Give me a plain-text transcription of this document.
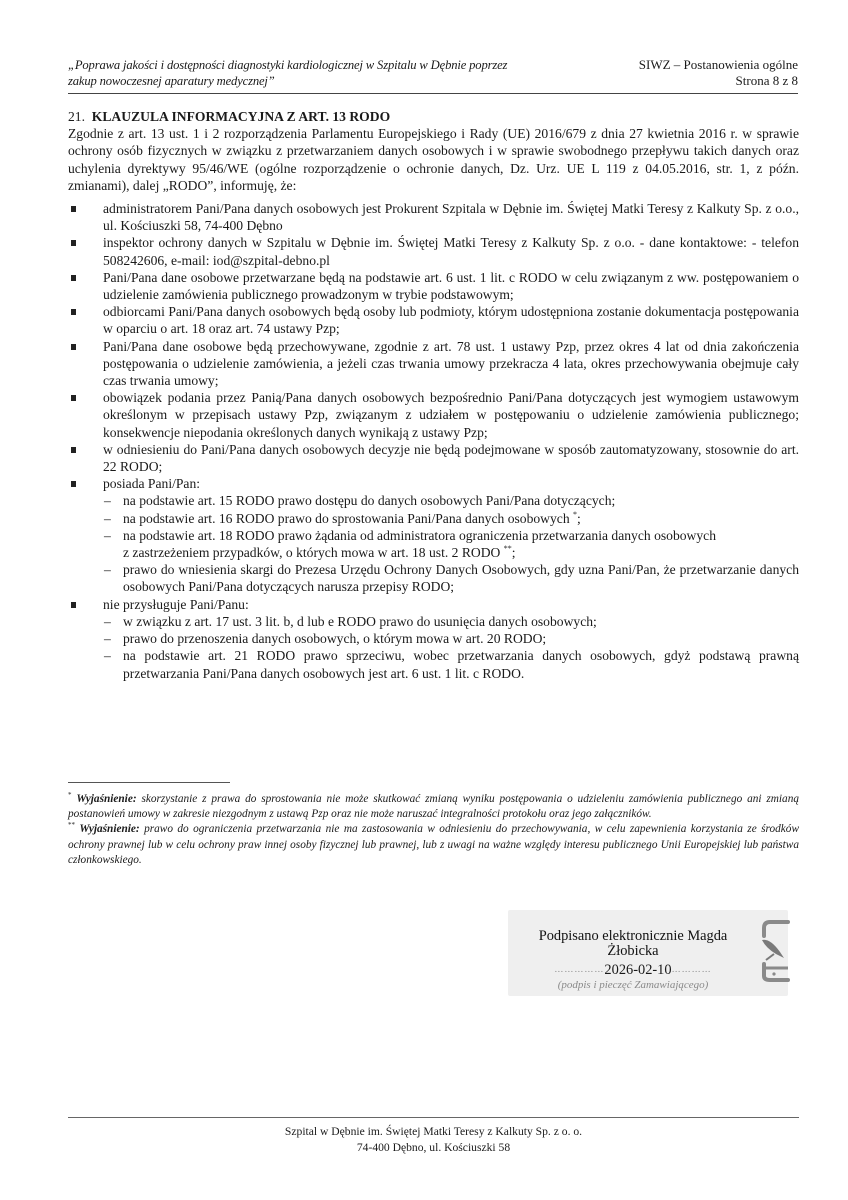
„Poprawa jakości i dostępności diagnostyki kardiologicznej w Szpitalu w Dębnie poprzez
zakup nowoczesnej aparatury medycznej”
SIWZ – Postanowienia ogólne
Strona 8 z 8
21. KLAUZULA INFORMACYJNA Z ART. 13 RODO

Zgodnie z art. 13 ust. 1 i 2 rozporządzenia Parlamentu Europejskiego i Rady (UE) 2016/679 z dnia 27 kwietnia 2016 r. w sprawie ochrony osób fizycznych w związku z przetwarzaniem danych osobowych i w sprawie swobodnego przepływu takich danych oraz uchylenia dyrektywy 95/46/WE (ogólne rozporządzenie o ochronie danych, Dz. Urz. UE L 119 z 04.05.2016, str. 1, z późn. zmianami), dalej „RODO”, informuję, że:

administratorem Pani/Pana danych osobowych jest Prokurent Szpitala w Dębnie im. Świętej Matki Teresy z Kalkuty Sp. z o.o., ul. Kościuszki 58, 74-400 Dębno
inspektor ochrony danych w Szpitalu w Dębnie im. Świętej Matki Teresy z Kalkuty Sp. z o.o. - dane kontaktowe: - telefon 508242606, e-mail: iod@szpital-debno.pl
Pani/Pana dane osobowe przetwarzane będą na podstawie art. 6 ust. 1 lit. c RODO w celu związanym z ww. postępowaniem o udzielenie zamówienia publicznego prowadzonym w trybie podstawowym;
odbiorcami Pani/Pana danych osobowych będą osoby lub podmioty, którym udostępniona zostanie dokumentacja postępowania w oparciu o art. 18 oraz art. 74 ustawy Pzp;
Pani/Pana dane osobowe będą przechowywane, zgodnie z art. 78 ust. 1 ustawy Pzp, przez okres 4 lat od dnia zakończenia postępowania o udzielenie zamówienia, a jeżeli czas trwania umowy przekracza 4 lata, okres przechowywania obejmuje cały czas trwania umowy;
obowiązek podania przez Panią/Pana danych osobowych bezpośrednio Pani/Pana dotyczących jest wymogiem ustawowym określonym w przepisach ustawy Pzp, związanym z udziałem w postępowaniu o udzielenie zamówienia publicznego; konsekwencje niepodania określonych danych wynikają z ustawy Pzp;
w odniesieniu do Pani/Pana danych osobowych decyzje nie będą podejmowane w sposób zautomatyzowany, stosownie do art. 22 RODO;
posiada Pani/Pan:
– na podstawie art. 15 RODO prawo dostępu do danych osobowych Pani/Pana dotyczących;
– na podstawie art. 16 RODO prawo do sprostowania Pani/Pana danych osobowych *;
– na podstawie art. 18 RODO prawo żądania od administratora ograniczenia przetwarzania danych osobowych
z zastrzeżeniem przypadków, o których mowa w art. 18 ust. 2 RODO **;
– prawo do wniesienia skargi do Prezesa Urzędu Ochrony Danych Osobowych, gdy uzna Pani/Pan, że przetwarzanie danych osobowych Pani/Pana dotyczących narusza przepisy RODO;
nie przysługuje Pani/Panu:
– w związku z art. 17 ust. 3 lit. b, d lub e RODO prawo do usunięcia danych osobowych;
– prawo do przenoszenia danych osobowych, o którym mowa w art. 20 RODO;
– na podstawie art. 21 RODO prawo sprzeciwu, wobec przetwarzania danych osobowych, gdyż podstawą prawną przetwarzania Pani/Pana danych osobowych jest art. 6 ust. 1 lit. c RODO.

* Wyjaśnienie: skorzystanie z prawa do sprostowania nie może skutkować zmianą wyniku postępowania o udzieleniu zamówienia publicznego ani zmianą postanowień umowy w zakresie niezgodnym z ustawą Pzp oraz nie może naruszać integralności protokołu oraz jego załączników.

** Wyjaśnienie: prawo do ograniczenia przetwarzania nie ma zastosowania w odniesieniu do przechowywania, w celu zapewnienia korzystania ze środków ochrony prawnej lub w celu ochrony praw innej osoby fizycznej lub prawnej, lub z uwagi na ważne względy interesu publicznego Unii Europejskiej lub państwa członkowskiego.

Podpisano elektronicznie Magda
Żłobicka
……………2026-02-10…………
(podpis i pieczęć Zamawiającego)
Szpital w Dębnie im. Świętej Matki Teresy z Kalkuty Sp. z o. o.
74-400 Dębno, ul. Kościuszki 58
